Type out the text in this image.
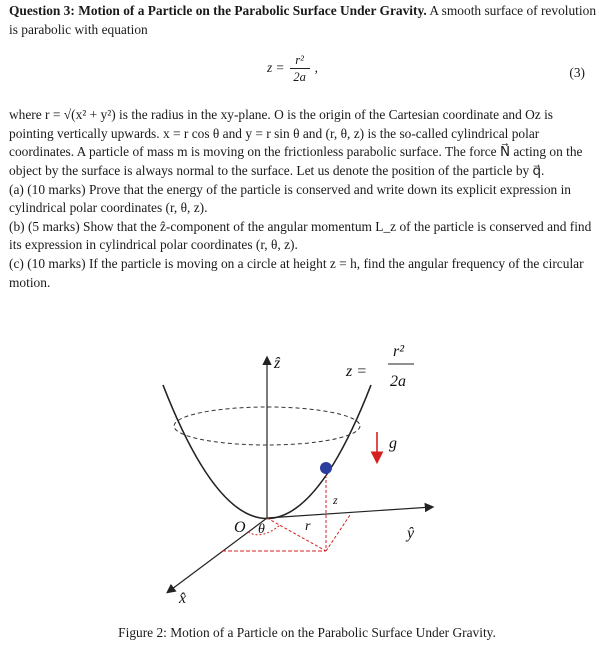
Question 3: Motion of a Particle on the Parabolic Surface Under Gravity. A smooth surface of revolution is parabolic with equation

$z = \frac{\text{r²}}{2a}$ ,	(3)

where r = √(x² + y²) is the radius in the xy-plane. O is the origin of the Cartesian coordinate and Oz is pointing vertically upwards. x = r cos θ and y = r sin θ and (r, θ, z) is the so-called cylindrical polar coordinates. A particle of mass m is moving on the frictionless parabolic surface. The force N⃗ acting on the object by the surface is always normal to the surface. Let us denote the position of the particle by q⃗.

(a) (10 marks) Prove that the energy of the particle is conserved and write down its explicit expression in cylindrical polar coordinates (r, θ, z).

(b) (5 marks) Show that the ẑ-component of the angular momentum L_z of the particle is conserved and find its expression in cylindrical polar coordinates (r, θ, z).

(c) (10 marks) If the particle is moving on a circle at height z = h, find the angular frequency of the circular motion.

ẑ
ŷ
x̂
O θ	r
z
g
z =
r²
2a
Figure 2: Motion of a Particle on the Parabolic Surface Under Gravity.
